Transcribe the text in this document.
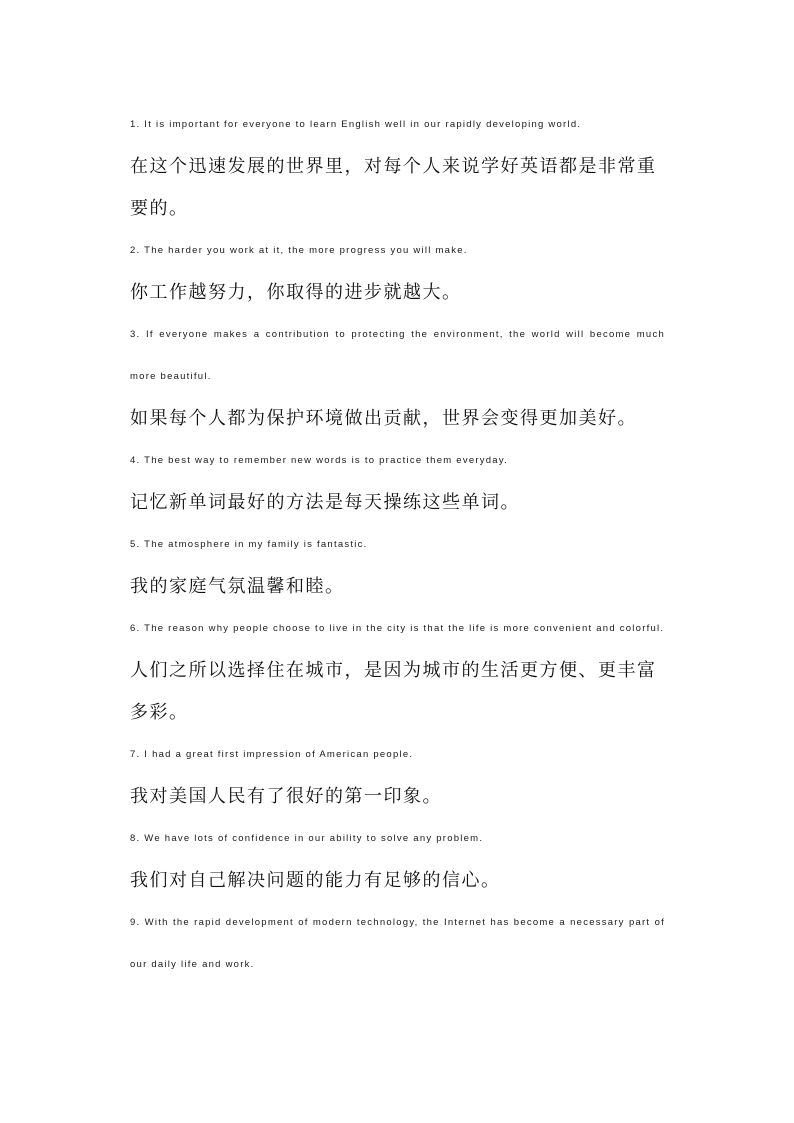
1. It is important for everyone to learn English well in our rapidly developing world.

在这个迅速发展的世界里，对每个人来说学好英语都是非常重要的。

2. The harder you work at it, the more progress you will make.

你工作越努力，你取得的进步就越大。

3. If everyone makes a contribution to protecting the environment, the world will become much more beautiful.

如果每个人都为保护环境做出贡献，世界会变得更加美好。

4. The best way to remember new words is to practice them everyday.

记忆新单词最好的方法是每天操练这些单词。

5. The atmosphere in my family is fantastic.

我的家庭气氛温馨和睦。

6. The reason why people choose to live in the city is that the life is more convenient and colorful.

人们之所以选择住在城市，是因为城市的生活更方便、更丰富多彩。

7. I had a great first impression of American people.

我对美国人民有了很好的第一印象。

8. We have lots of confidence in our ability to solve any problem.

我们对自己解决问题的能力有足够的信心。

9. With the rapid development of modern technology, the Internet has become a necessary part of our daily life and work.
